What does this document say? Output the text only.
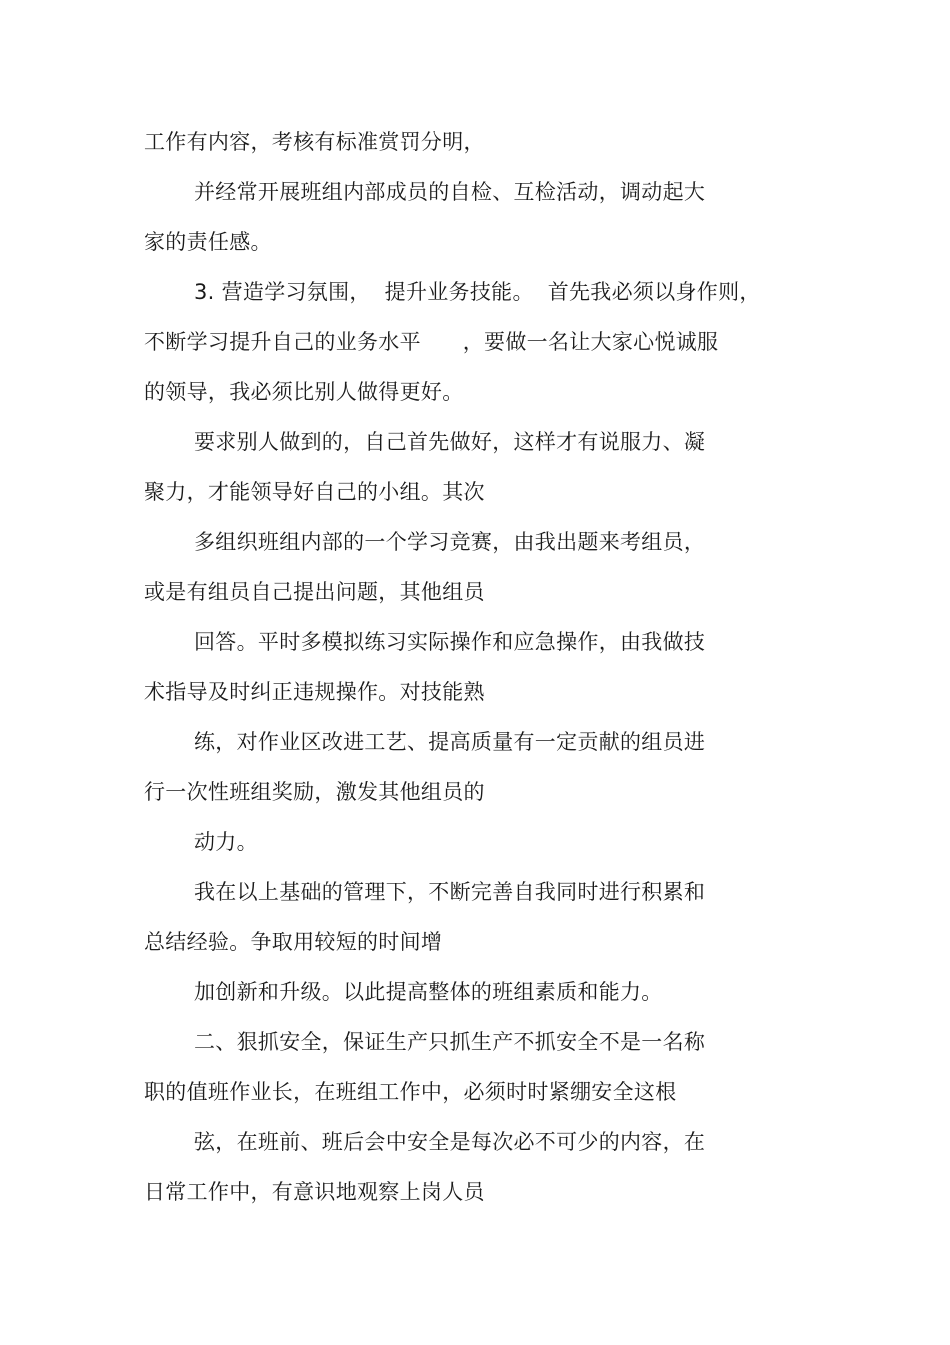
工作有内容，考核有标准赏罚分明，
并经常开展班组内部成员的自检、互检活动，调动起大
家的责任感。
3. 营造学习氛围，  提升业务技能。  首先我必须以身作则，
不断学习提升自己的业务水平      ，要做一名让大家心悦诚服
的领导，我必须比别人做得更好。
要求别人做到的，自己首先做好，这样才有说服力、凝
聚力，才能领导好自己的小组。其次
多组织班组内部的一个学习竞赛，由我出题来考组员，
或是有组员自己提出问题，其他组员
回答。平时多模拟练习实际操作和应急操作，由我做技
术指导及时纠正违规操作。对技能熟
练，对作业区改进工艺、提高质量有一定贡献的组员进
行一次性班组奖励，激发其他组员的
动力。
我在以上基础的管理下，不断完善自我同时进行积累和
总结经验。争取用较短的时间增
加创新和升级。以此提高整体的班组素质和能力。
二、狠抓安全，保证生产只抓生产不抓安全不是一名称
职的值班作业长，在班组工作中，必须时时紧绷安全这根
弦，在班前、班后会中安全是每次必不可少的内容，在
日常工作中，有意识地观察上岗人员
